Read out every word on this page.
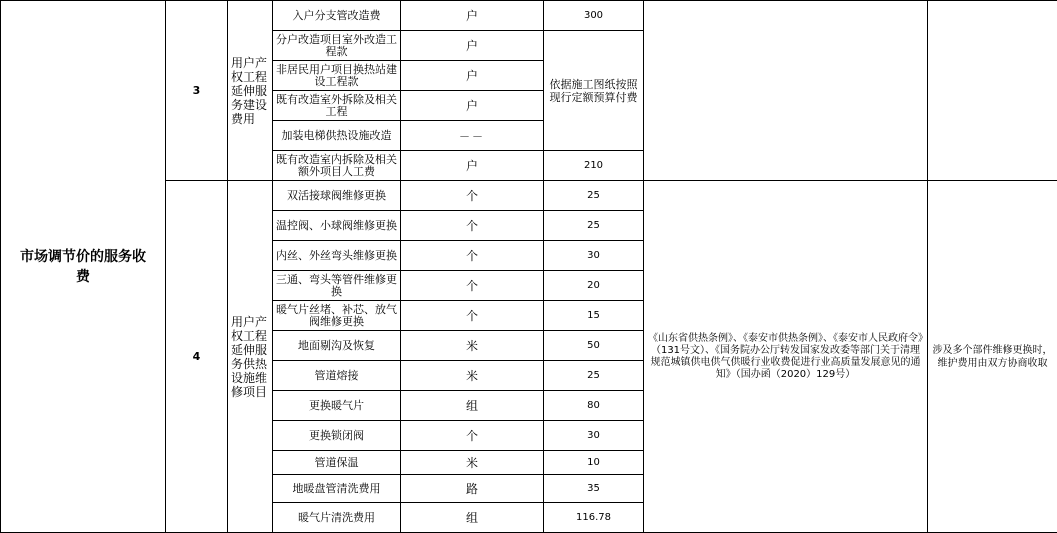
市场调节价的服务收费	3	用户产权工程延伸服务建设费用	入户分支管改造费	户	300		
			分户改造项目室外改造工程款	户	依据施工图纸按照现行定额预算付费		
			非居民用户项目换热站建设工程款	户			
			既有改造室外拆除及相关工程	户			
			加装电梯供热设施改造	－－			
			既有改造室内拆除及相关额外项目人工费	户	210		
	4	用户产权工程延伸服务供热设施维修项目	双活接球阀维修更换	个	25	《山东省供热条例》、《泰安市供热条例》、《泰安市人民政府令》（131号文）、《国务院办公厅转发国家发改委等部门关于清理规范城镇供电供气供暖行业收费促进行业高质量发展意见的通知》（国办函（2020）129号）	涉及多个部件维修更换时，维护费用由双方协商收取
			温控阀、小球阀维修更换	个	25		
			内丝、外丝弯头维修更换	个	30		
			三通、弯头等管件维修更换	个	20		
			暖气片丝堵、补芯、放气阀维修更换	个	15		
			地面剔沟及恢复	米	50		
			管道熔接	米	25		
			更换暖气片	组	80		
			更换锁闭阀	个	30		
			管道保温	米	10		
			地暖盘管清洗费用	路	35		
			暖气片清洗费用	组	116.78		
